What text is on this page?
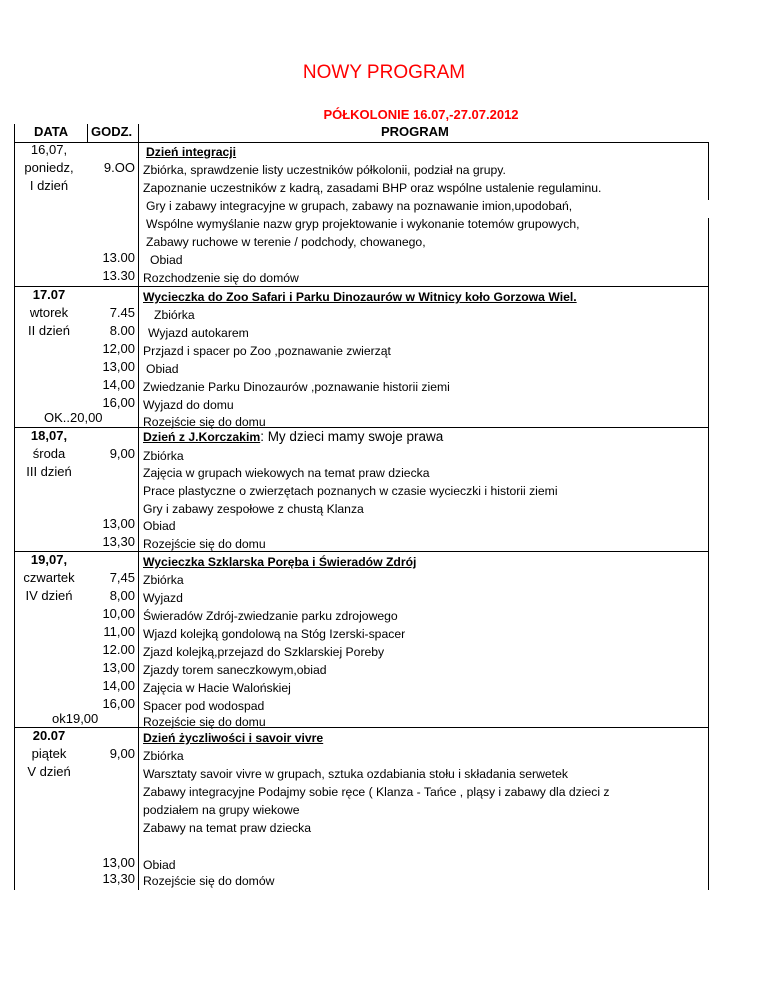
NOWY PROGRAM
PÓŁKOLONIE 16.07,-27.07.2012
DATA GODZ.	PROGRAM
16,07,
poniedz,
I dzień
9.OO
13.00
13.30
Dzień integracji
Zbiórka, sprawdzenie listy uczestników półkolonii, podział na grupy.
Zapoznanie uczestników z kadrą, zasadami BHP oraz wspólne ustalenie regulaminu.
Gry i zabawy integracyjne w grupach, zabawy na poznawanie imion,upodobań,
Wspólne wymyślanie nazw gryp projektowanie i wykonanie totemów grupowych,
Zabawy ruchowe w terenie / podchody, chowanego,
Obiad
Rozchodzenie się do domów
17.07
wtorek
II dzień
7.45
8.00
12,00
13,00
14,00
16,00
OK..20,00
Wycieczka do Zoo Safari i Parku Dinozaurów w Witnicy koło Gorzowa Wiel.
Zbiórka
Wyjazd autokarem
Przjazd i spacer po Zoo ,poznawanie zwierząt
Obiad
Zwiedzanie Parku Dinozaurów ,poznawanie historii ziemi
Wyjazd do domu
Rozejście się do domu
18,07,
środa
III dzień
9,00
13,00
13,30
Dzień z J.Korczakim: My dzieci mamy swoje prawa
Zbiórka
Zajęcia w grupach wiekowych na temat praw dziecka
Prace plastyczne o zwierzętach poznanych w czasie wycieczki i historii ziemi
Gry i zabawy zespołowe z chustą Klanza
Obiad
Rozejście się do domu
19,07,
czwartek
IV dzień
7,45
8,00
10,00
11,00
12.00
13,00
14,00
16,00
ok19,00
Wycieczka Szklarska Poręba i Świeradów Zdrój
Zbiórka
Wyjazd
Świeradów Zdrój-zwiedzanie parku zdrojowego
Wjazd kolejką gondolową na Stóg Izerski-spacer
Zjazd kolejką,przejazd do Szklarskiej Poreby
Zjazdy torem saneczkowym,obiad
Zajęcia w Hacie Walońskiej
Spacer pod wodospad
Rozejście się do domu
20.07
piątek
V dzień
9,00
13,00
13,30
Dzień życzliwości i savoir vivre
Zbiórka
Warsztaty savoir vivre w grupach, sztuka ozdabiania stołu i składania serwetek
Zabawy integracyjne Podajmy sobie ręce ( Klanza - Tańce , pląsy i zabawy dla dzieci z
podziałem na grupy wiekowe
Zabawy na temat praw dziecka
Obiad
Rozejście się do domów
